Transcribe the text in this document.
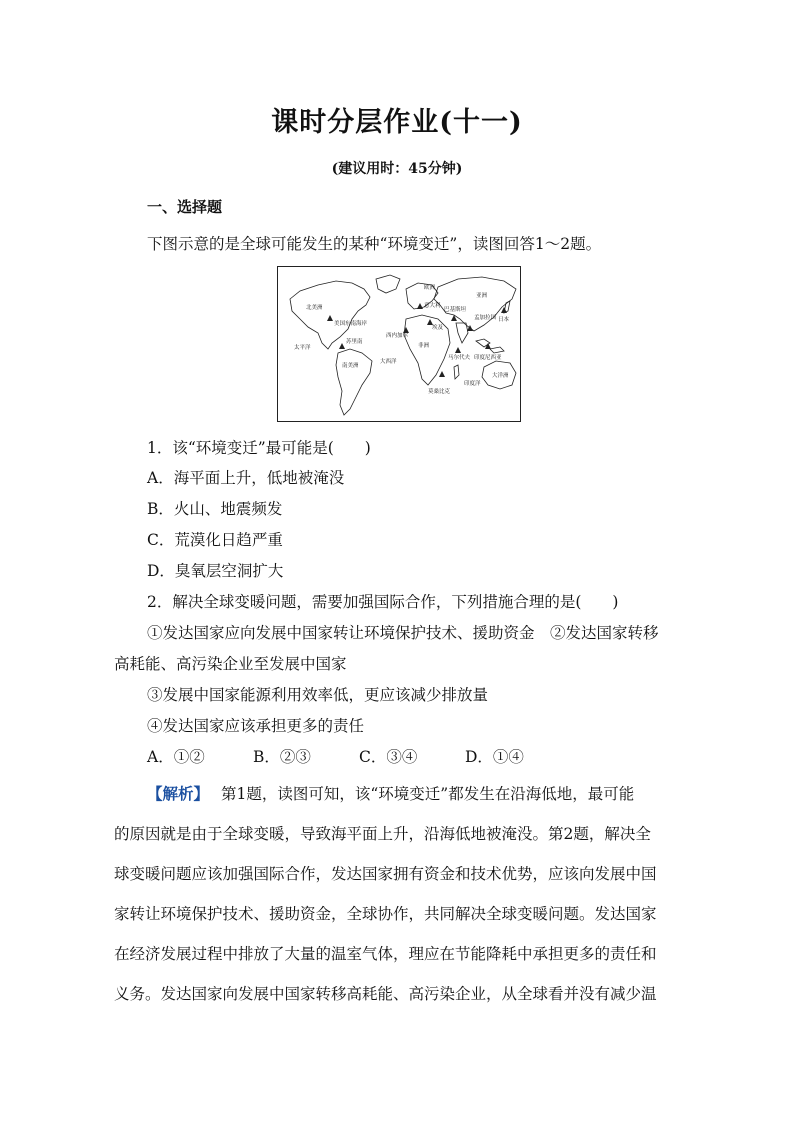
课时分层作业(十一)
(建议用时：45分钟)
一、选择题
下图示意的是全球可能发生的某种“环境变迁”，读图回答1～2题。
北美洲
太平洋
美国东南海岸
南美洲
大西洋
欧洲
意大利
西内加尔
苏里南
非洲
埃及
亚洲
孟加拉国
马尔代夫 印度尼西亚
印度洋
莫桑比克
大洋洲
巴基斯坦
日本
1．该“环境变迁”最可能是(　　)
A．海平面上升，低地被淹没
B．火山、地震频发
C．荒漠化日趋严重
D．臭氧层空洞扩大
2．解决全球变暖问题，需要加强国际合作，下列措施合理的是(　　)
①发达国家应向发展中国家转让环境保护技术、援助资金　②发达国家转移
高耗能、高污染企业至发展中国家
③发展中国家能源利用效率低，更应该减少排放量
④发达国家应该承担更多的责任
A．①②	B．②③	C．③④	D．①④
【解析】 第1题，读图可知，该“环境变迁”都发生在沿海低地，最可能
的原因就是由于全球变暖，导致海平面上升，沿海低地被淹没。第2题，解决全
球变暖问题应该加强国际合作，发达国家拥有资金和技术优势，应该向发展中国
家转让环境保护技术、援助资金，全球协作，共同解决全球变暖问题。发达国家
在经济发展过程中排放了大量的温室气体，理应在节能降耗中承担更多的责任和
义务。发达国家向发展中国家转移高耗能、高污染企业，从全球看并没有减少温
